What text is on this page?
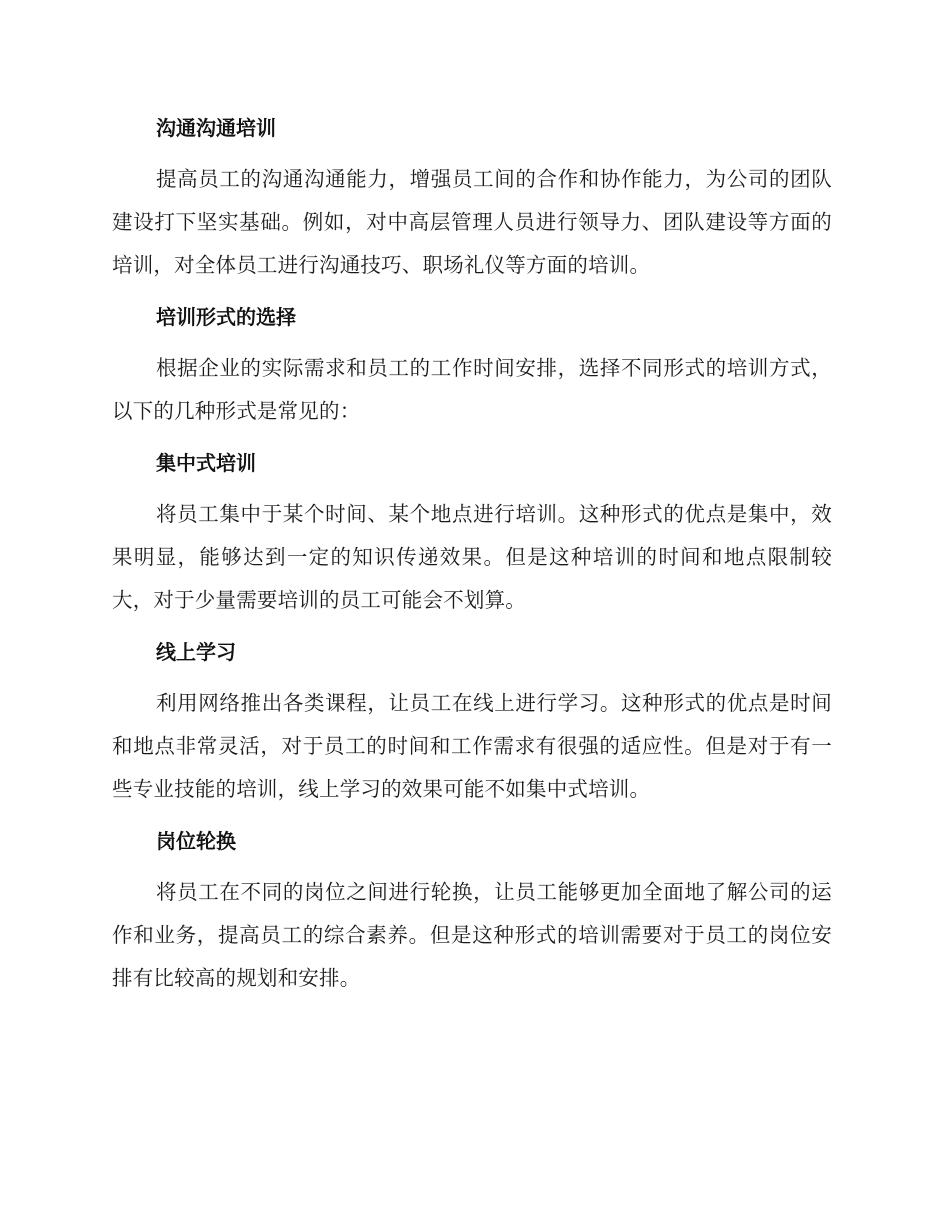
沟通沟通培训

提高员工的沟通沟通能力，增强员工间的合作和协作能力，为公司的团队建设打下坚实基础。例如，对中高层管理人员进行领导力、团队建设等方面的培训，对全体员工进行沟通技巧、职场礼仪等方面的培训。

培训形式的选择

根据企业的实际需求和员工的工作时间安排，选择不同形式的培训方式，以下的几种形式是常见的：

集中式培训

将员工集中于某个时间、某个地点进行培训。这种形式的优点是集中，效果明显，能够达到一定的知识传递效果。但是这种培训的时间和地点限制较大，对于少量需要培训的员工可能会不划算。

线上学习

利用网络推出各类课程，让员工在线上进行学习。这种形式的优点是时间和地点非常灵活，对于员工的时间和工作需求有很强的适应性。但是对于有一些专业技能的培训，线上学习的效果可能不如集中式培训。

岗位轮换

将员工在不同的岗位之间进行轮换，让员工能够更加全面地了解公司的运作和业务，提高员工的综合素养。但是这种形式的培训需要对于员工的岗位安排有比较高的规划和安排。
